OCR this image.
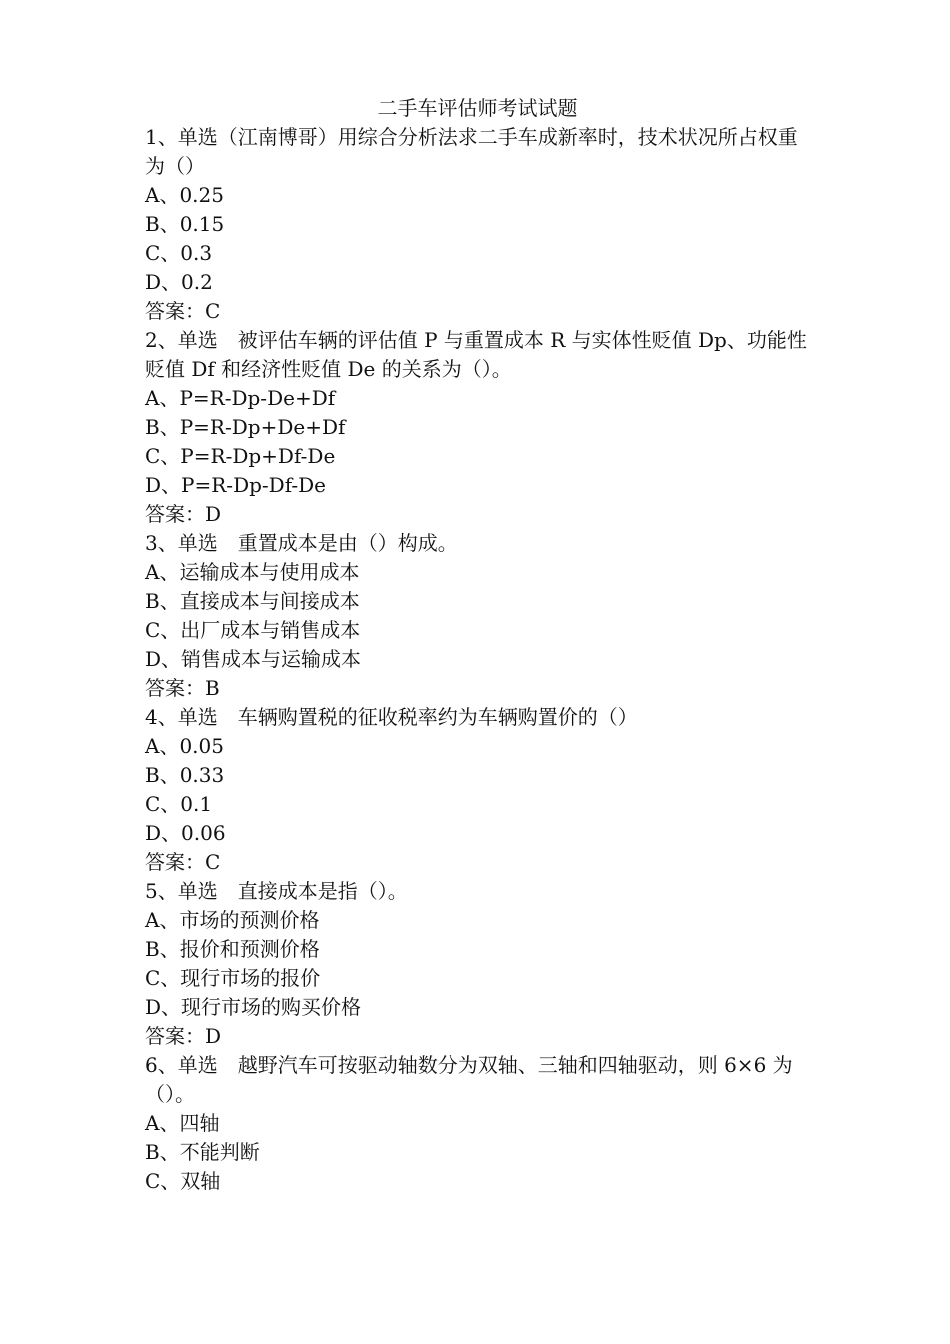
二手车评估师考试试题

1、单选（江南博哥）用综合分析法求二手车成新率时，技术状况所占权重为（）

A、0.25

B、0.15

C、0.3

D、0.2

答案：C

2、单选　被评估车辆的评估值 P 与重置成本 R 与实体性贬值 Dp、功能性贬值 Df 和经济性贬值 De 的关系为（）。

A、P=R-Dp-De+Df

B、P=R-Dp+De+Df

C、P=R-Dp+Df-De

D、P=R-Dp-Df-De

答案：D

3、单选　重置成本是由（）构成。

A、运输成本与使用成本

B、直接成本与间接成本

C、出厂成本与销售成本

D、销售成本与运输成本

答案：B

4、单选　车辆购置税的征收税率约为车辆购置价的（）

A、0.05

B、0.33

C、0.1

D、0.06

答案：C

5、单选　直接成本是指（）。

A、市场的预测价格

B、报价和预测价格

C、现行市场的报价

D、现行市场的购买价格

答案：D

6、单选　越野汽车可按驱动轴数分为双轴、三轴和四轴驱动，则 6×6 为（）。

A、四轴

B、不能判断

C、双轴
